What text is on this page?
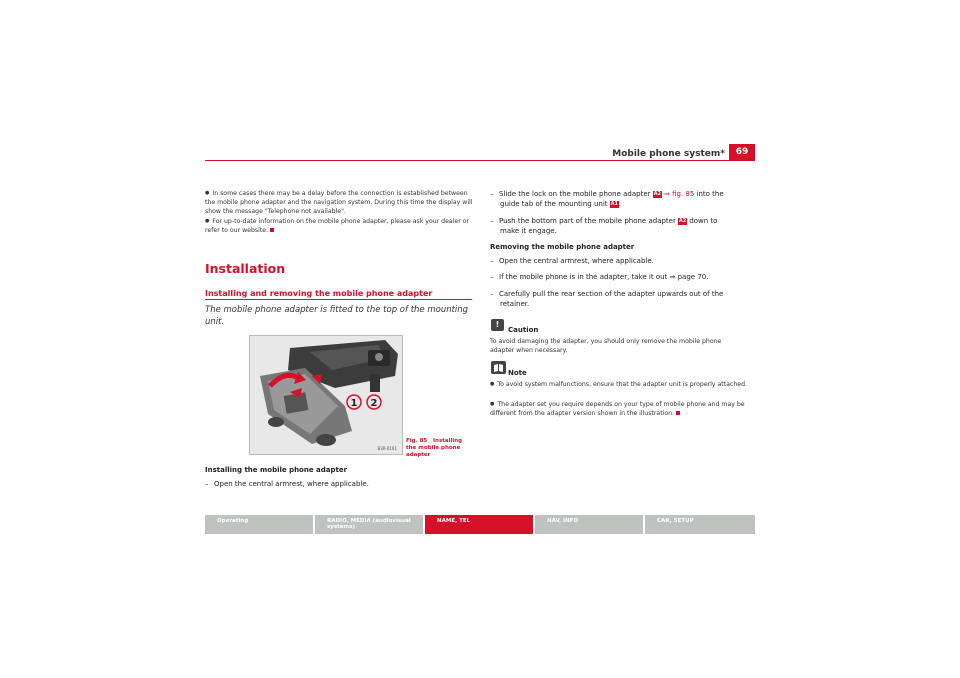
Mobile phone system*	69
● In some cases there may be a delay before the connection is established between the mobile phone adapter and the navigation system. During this time the display will show the message "Telephone not available".
● For up-to-date information on the mobile phone adapter, please ask your dealer or refer to our website.
Installation
Installing and removing the mobile phone adapter
The mobile phone adapter is fitted to the top of the mounting unit.
1 2
B3R-0161
Fig. 85 Installing the mobile phone adapter
Installing the mobile phone adapter
– Open the central armrest, where applicable.
– Slide the lock on the mobile phone adapter A2 ⇒ fig. 85 into the
guide tab of the mounting unit A1.
– Push the bottom part of the mobile phone adapter A2 down to
make it engage.
Removing the mobile phone adapter
– Open the central armrest, where applicable.
– If the mobile phone is in the adapter, take it out ⇒ page 70.
– Carefully pull the rear section of the adapter upwards out of the
retainer.
!
Caution
To avoid damaging the adapter, you should only remove the mobile phone
adapter when necessary.
Note
● To avoid system malfunctions, ensure that the adapter unit is properly attached.
● The adapter set you require depends on your type of mobile phone and may be different from the adapter version shown in the illustration.
Operating	RADIO, MEDIA (audiovisual systems)
NAME, TEL	NAV, INFO	CAR, SETUP
